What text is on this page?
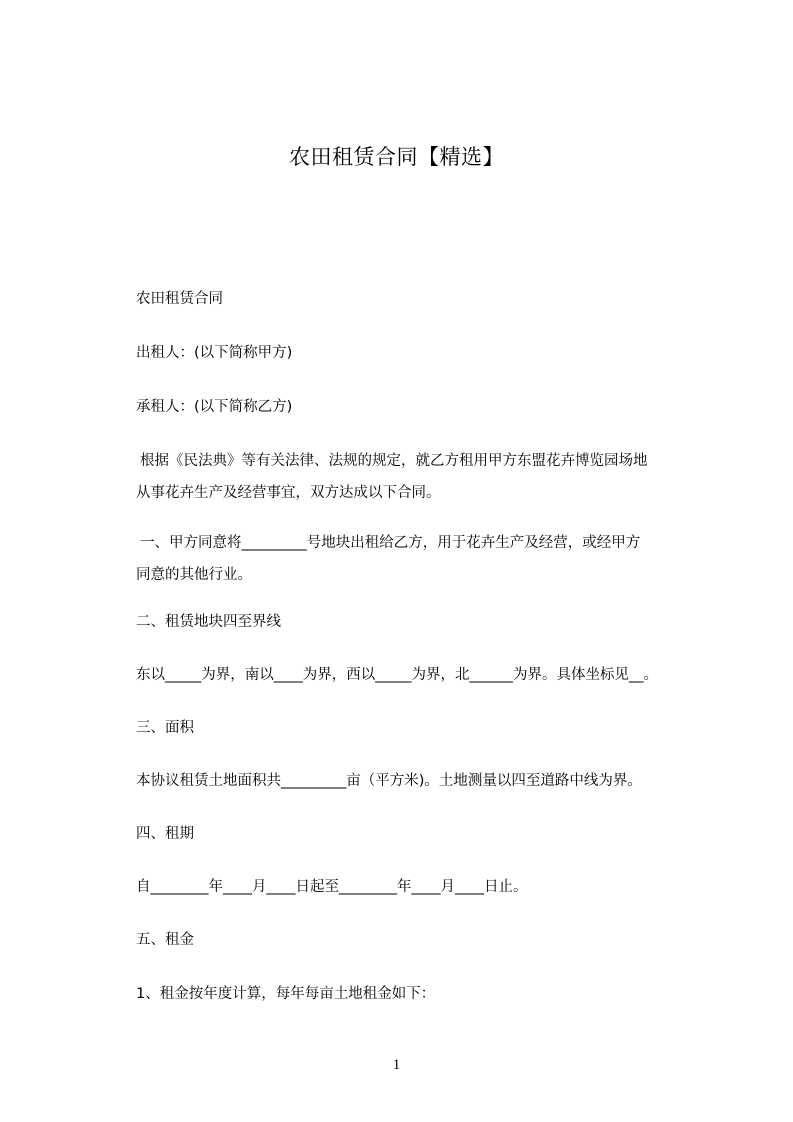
农田租赁合同【精选】
农田租赁合同
出租人：(以下简称甲方)
承租人：(以下简称乙方)
根据《民法典》等有关法律、法规的规定，就乙方租用甲方东盟花卉博览园场地
从事花卉生产及经营事宜，双方达成以下合同。
一、甲方同意将_________号地块出租给乙方，用于花卉生产及经营，或经甲方
同意的其他行业。
二、租赁地块四至界线
东以_____为界，南以____为界，西以_____为界，北______为界。具体坐标见__。
三、面积
本协议租赁土地面积共_________亩（平方米)。土地测量以四至道路中线为界。
四、租期
自________年____月____日起至________年____月____日止。
五、租金
1、租金按年度计算，每年每亩土地租金如下：
1
